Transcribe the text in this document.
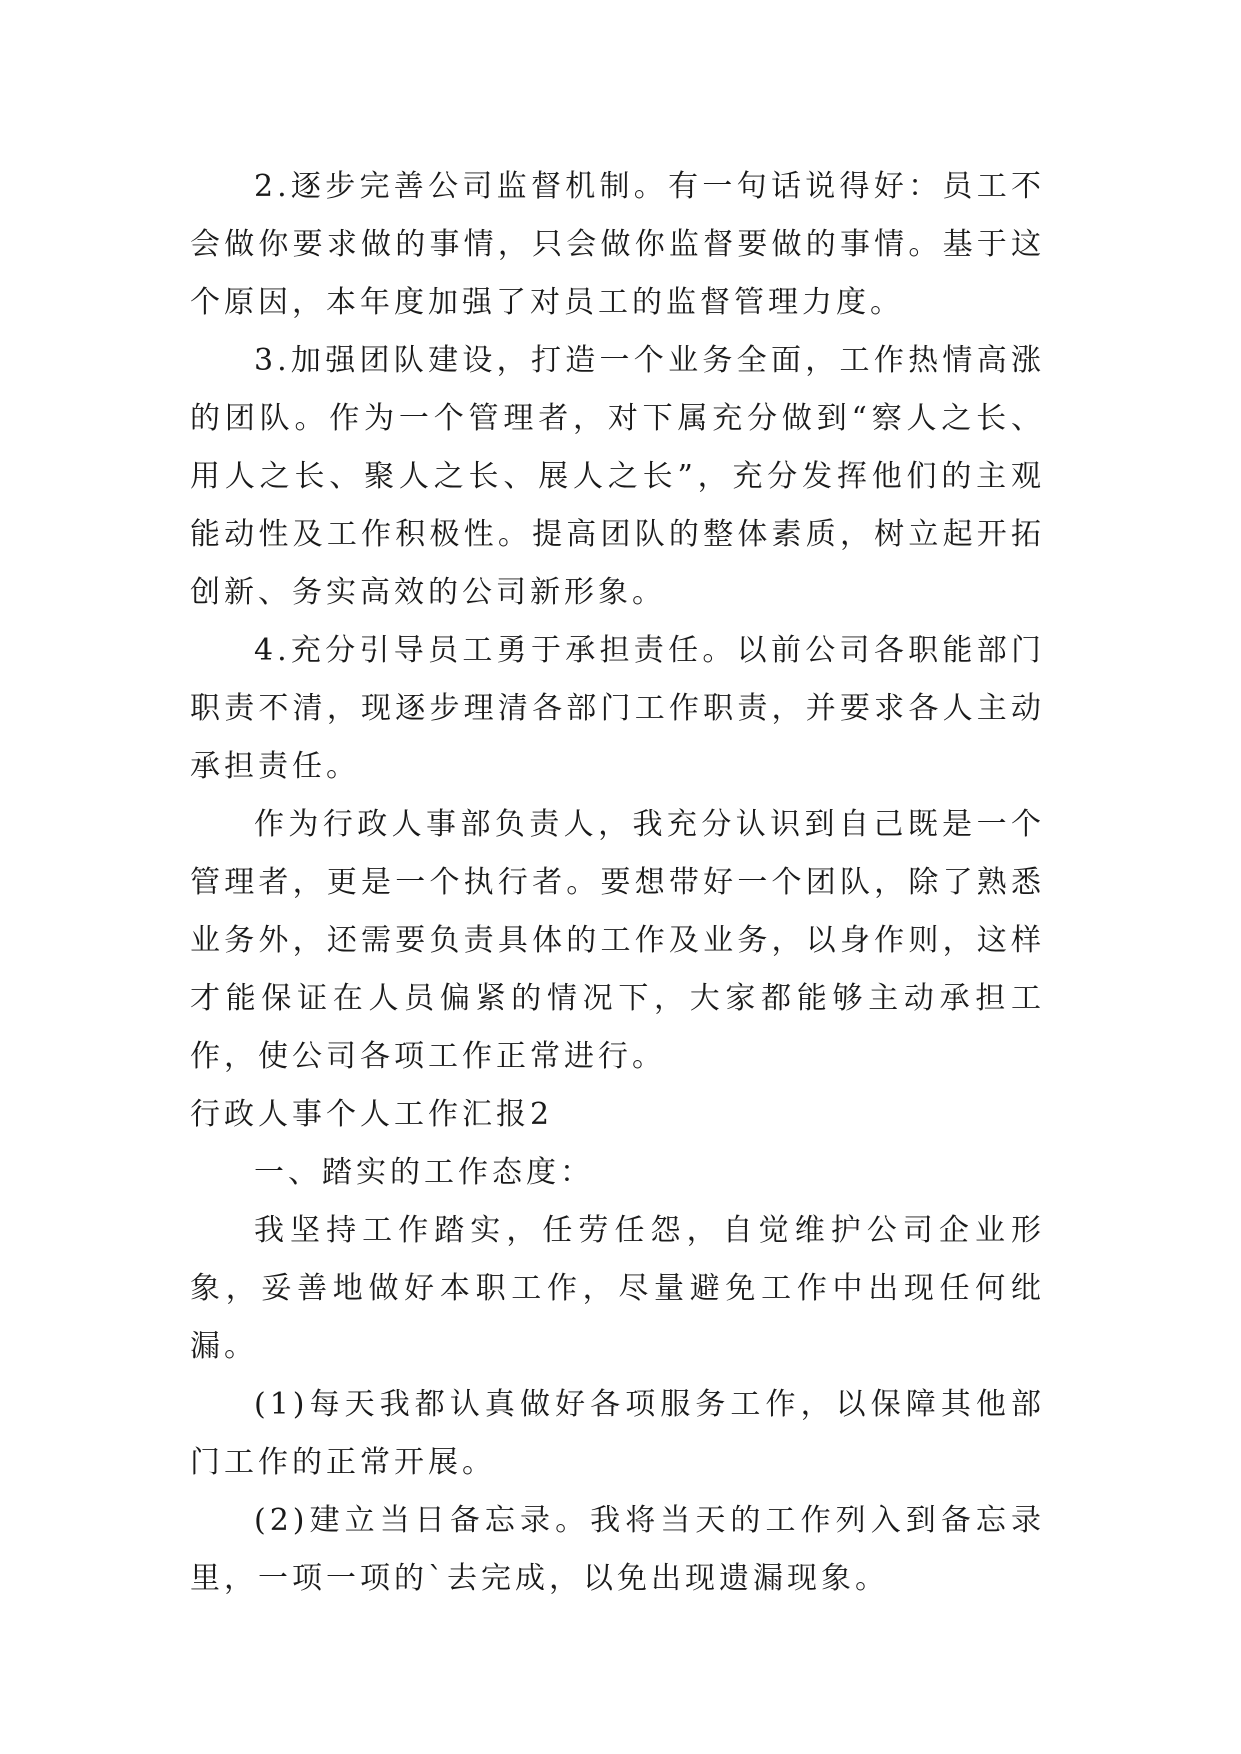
2.逐步完善公司监督机制。有一句话说得好：员工不会做你要求做的事情，只会做你监督要做的事情。基于这个原因，本年度加强了对员工的监督管理力度。

3.加强团队建设，打造一个业务全面，工作热情高涨的团队。作为一个管理者，对下属充分做到“察人之长、用人之长、聚人之长、展人之长”，充分发挥他们的主观能动性及工作积极性。提高团队的整体素质，树立起开拓创新、务实高效的公司新形象。

4.充分引导员工勇于承担责任。以前公司各职能部门职责不清，现逐步理清各部门工作职责，并要求各人主动承担责任。

作为行政人事部负责人，我充分认识到自己既是一个管理者，更是一个执行者。要想带好一个团队，除了熟悉业务外，还需要负责具体的工作及业务，以身作则，这样才能保证在人员偏紧的情况下，大家都能够主动承担工作，使公司各项工作正常进行。

行政人事个人工作汇报2

一、踏实的工作态度：

我坚持工作踏实，任劳任怨，自觉维护公司企业形象，妥善地做好本职工作，尽量避免工作中出现任何纰漏。

(1)每天我都认真做好各项服务工作，以保障其他部门工作的正常开展。

(2)建立当日备忘录。我将当天的工作列入到备忘录里，一项一项的`去完成，以免出现遗漏现象。
